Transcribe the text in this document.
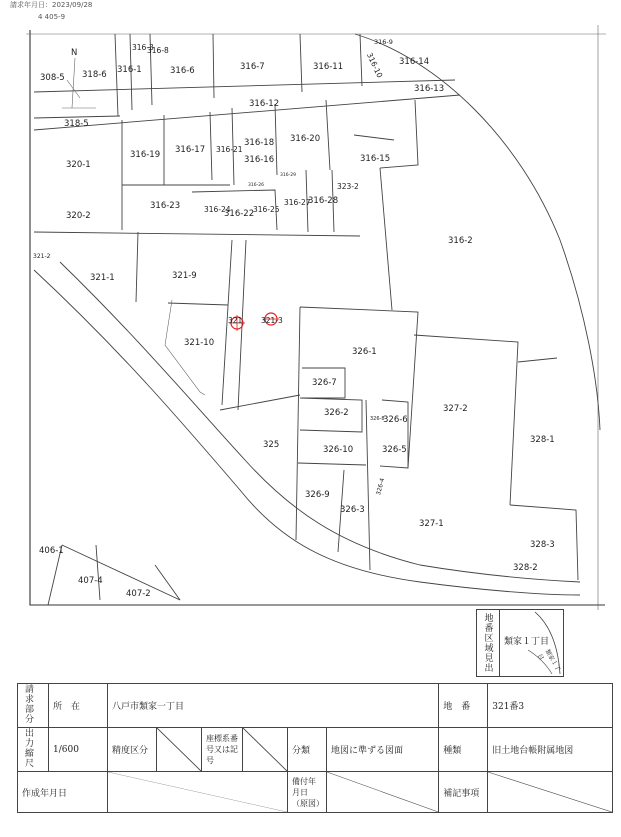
請求年月日：2023/09/28
4 405-9
N
308-5 318-6 316-1
316-3
316-8
316-6	316-7	316-11
316-9
316-10 316-14
316-13
316-12
318-5
320-1
316-19 316-17 316-21
316-18
316-16
316-20
316-15
316-26
316-29
323-2
320-2
316-23	316-24
316-22
316-25
316-27
316-28
316-2
321-2
321-1	321-9
321 321-3
321-10
326-1
326-7
326-2
326-8
326-6
327-2
328-1
325	326-10	326-5
326-4
326-9
326-3
327-1
328-3
328-2
406-1
407-4
407-2
地番区域見出 類家１丁目
類家１丁目
請求部分	所　在	八戸市類家一丁目						地　番	321番3
出力縮尺	1/600	精度区分		座標系番号又は記号		分類	地図に準ずる図面	種類	旧土地台帳附属地図
作成年月日						備付年月日（原図）		補記事項	
